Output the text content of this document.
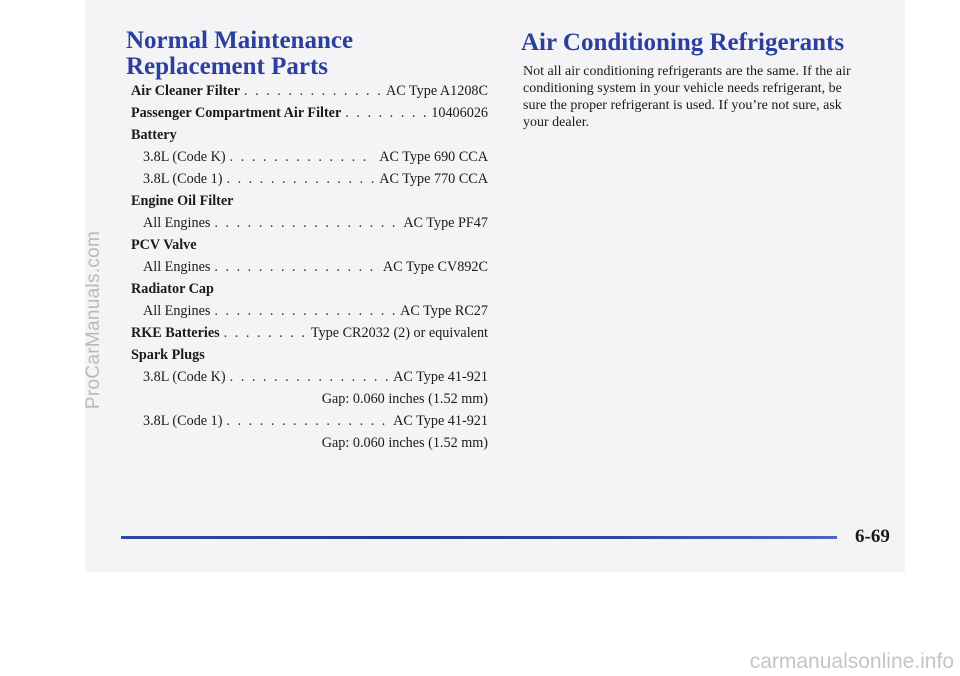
ProCarManuals.com
Normal Maintenance
Replacement Parts
Air Cleaner Filter . . .	AC Type A1208C
Passenger Compartment Air Filter . . .	10406026
Battery
3.8L (Code K) . . .	AC Type 690 CCA
3.8L (Code 1) . . .	AC Type 770 CCA
Engine Oil Filter
All Engines . . .	AC Type PF47
PCV Valve
All Engines . . .	AC Type CV892C
Radiator Cap
All Engines . . .	AC Type RC27
RKE Batteries . . .	Type CR2032 (2) or equivalent
Spark Plugs
3.8L (Code K) . . .	AC Type 41-921
Gap: 0.060 inches (1.52 mm)
3.8L (Code 1) . . .	AC Type 41-921
Gap: 0.060 inches (1.52 mm)
Air Conditioning Refrigerants

Not all air conditioning refrigerants are the same. If the air conditioning system in your vehicle needs refrigerant, be sure the proper refrigerant is used. If you’re not sure, ask your dealer.

6-69
carmanualsonline.info
